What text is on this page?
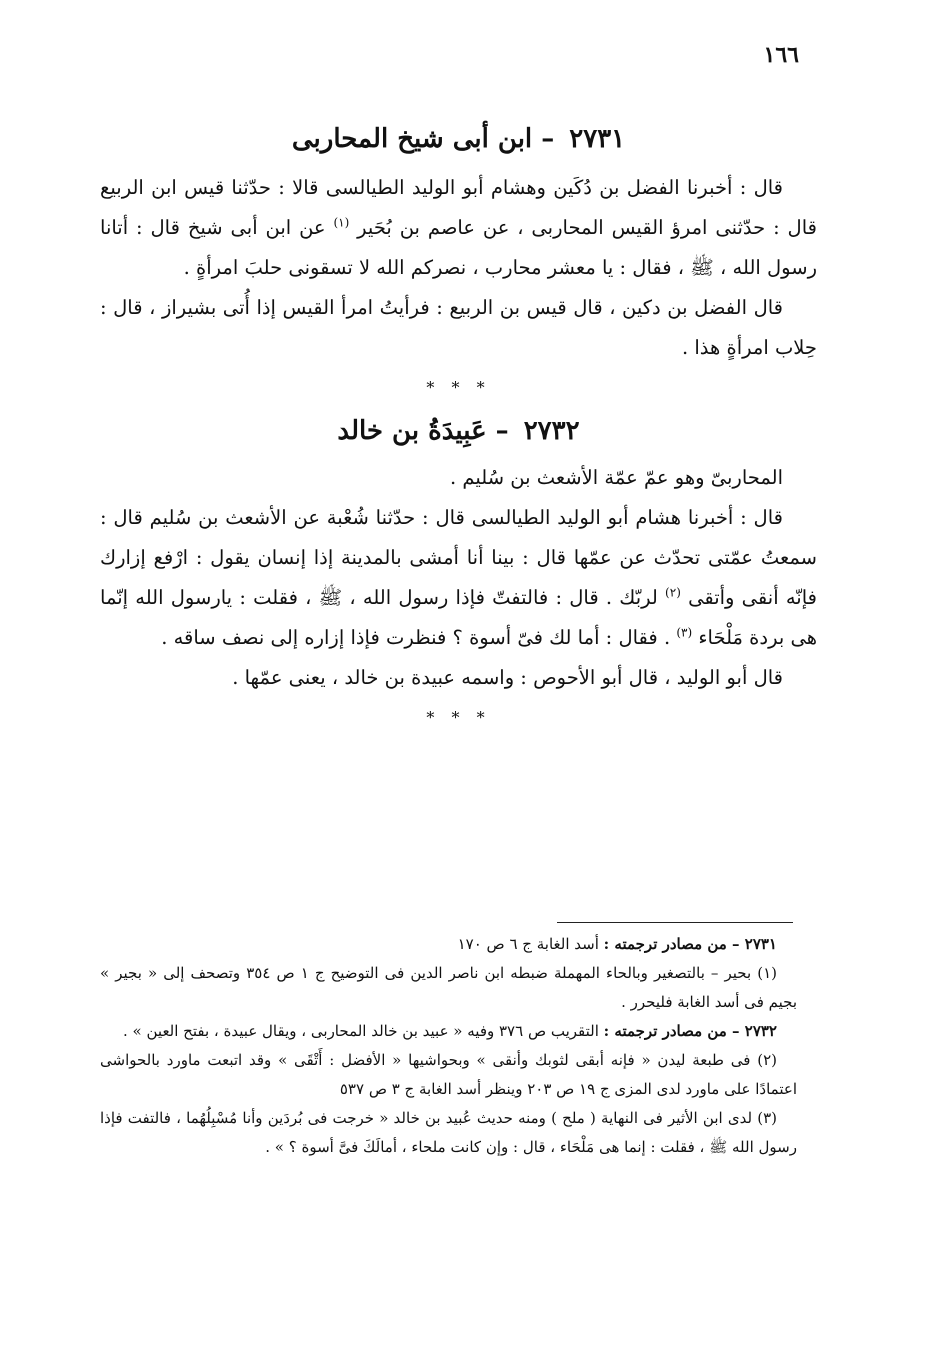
١٦٦
٢٧٣١ – ابن أبى شيخ المحاربى

قال : أخبرنا الفضل بن دُكَين وهشام أبو الوليد الطيالسى قالا : حدّثنا قيس ابن الربيع قال : حدّثنى امرؤ القيس المحاربى ، عن عاصم بن بُحَير $^{(١)}$ عن ابن أبى شيخ قال : أتانا رسول الله ، ﷺ ، فقال : يا معشر محارب ، نصركم الله لا تسقونى حلبَ امرأةٍ .

قال الفضل بن دكين ، قال قيس بن الربيع : فرأيتُ امرأ القيس إذا أُتى بشيراز ، قال : حِلاب امرأةٍ هذا .

* * *
٢٧٣٢ – عَبِيدَةُ بن خالد

المحاربىّ وهو عمّ عمّة الأشعث بن سُليم .

قال : أخبرنا هشام أبو الوليد الطيالسى قال : حدّثنا شُعْبة عن الأشعث بن سُليم قال : سمعتُ عمّتى تحدّث عن عمّها قال : بينا أنا أمشى بالمدينة إذا إنسان يقول : ارْفع إزارك فإنّه أنقى وأتقى $^{(٢)}$ لربّك . قال : فالتفتّ فإذا رسول الله ، ﷺ ، فقلت : يارسول الله إنّما هى بردة مَلْحَاء $^{(٣)}$ . فقال : أما لك فىّ أسوة ؟ فنظرت فإذا إزاره إلى نصف ساقه .

قال أبو الوليد ، قال أبو الأحوص : واسمه عبيدة بن خالد ، يعنى عمّها .

* * *

٢٧٣١ – من مصادر ترجمته : أسد الغابة ج ٦ ص ١٧٠

(١) بحير – بالتصغير وبالحاء المهملة ضبطه ابن ناصر الدين فى التوضيح ج ١ ص ٣٥٤ وتصحف إلى « بجير » بجيم فى أسد الغابة فليحرر .

٢٧٣٢ – من مصادر ترجمته : التقريب ص ٣٧٦ وفيه « عبيد بن خالد المحاربى ، ويقال عبيدة ، بفتح العين » .

(٢) فى طبعة ليدن « فإنه أبقى لثوبك وأنقى » وبحواشيها « الأفضل : أَتْقَى » وقد اتبعت ماورد بالحواشى اعتمادًا على ماورد لدى المزى ج ١٩ ص ٢٠٣ وينظر أسد الغابة ج ٣ ص ٥٣٧

(٣) لدى ابن الأثير فى النهاية ( ملح ) ومنه حديث عُبيد بن خالد « خرجت فى بُردَين وأنا مُسْبِلُهُما ، فالتفت فإذا رسول الله ﷺ ، فقلت : إنما هى مَلْحَاء ، قال : وإن كانت ملحاء ، أمالَكَ فىَّ أسوة ؟ » .
